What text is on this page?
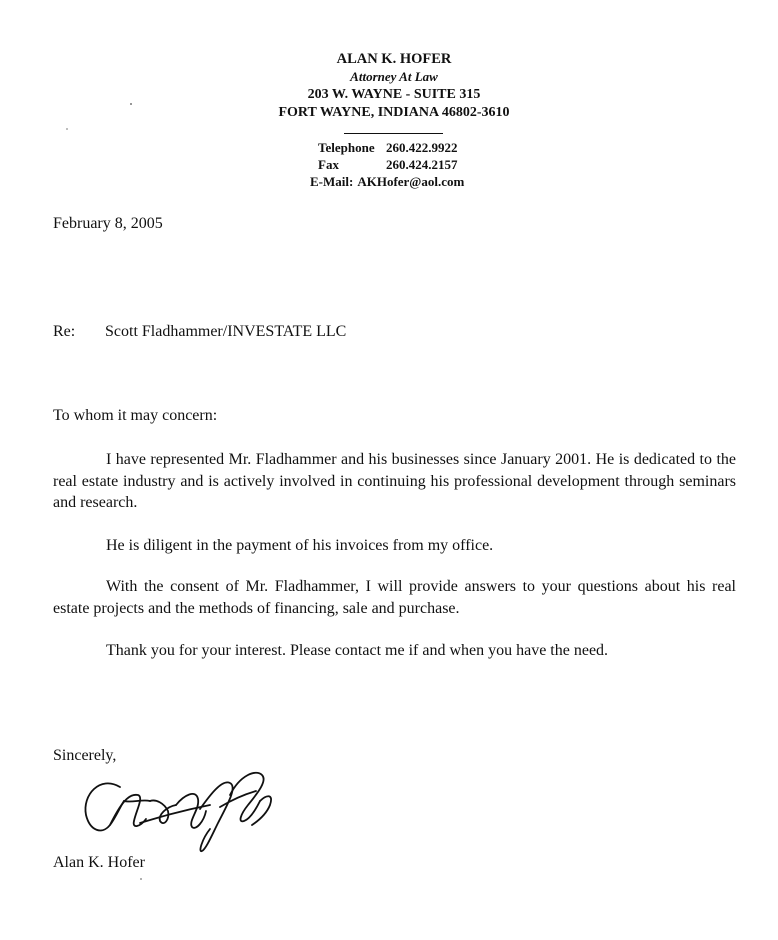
ALAN K. HOFER
Attorney At Law
203 W. WAYNE - SUITE 315
FORT WAYNE, INDIANA 46802-3610
Telephone 260.422.9922
Fax	260.424.2157
E-Mail: AKHofer@aol.com
February 8, 2005
Re: Scott Fladhammer/INVESTATE LLC
To whom it may concern:
I have represented Mr. Fladhammer and his businesses since January 2001. He is dedicated to the real estate industry and is actively involved in continuing his professional development through seminars and research.
He is diligent in the payment of his invoices from my office.
With the consent of Mr. Fladhammer, I will provide answers to your questions about his real estate projects and the methods of financing, sale and purchase.
Thank you for your interest. Please contact me if and when you have the need.
Sincerely,
Alan K. Hofer
